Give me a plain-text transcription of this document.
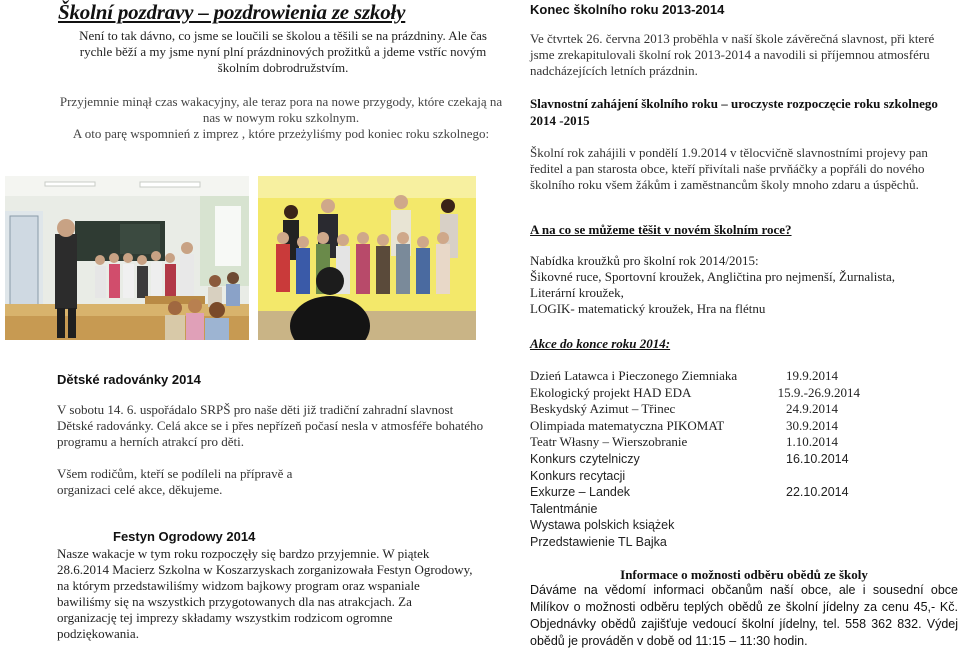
Školní pozdravy – pozdrowienia ze szkoły
Není to tak dávno, co jsme se loučili se školou a těšili se na prázdniny. Ale čas rychle běží a my jsme nyní plní prázdninových prožitků a jdeme vstříc novým školním dobrodružstvím.

Przyjemnie minął czas wakacyjny, ale teraz pora na nowe przygody, które czekają na nas w nowym roku szkolnym.

A oto parę wspomnień z imprez , które przeżyliśmy pod koniec roku szkolnego:

Dětské radovánky 2014
V sobotu 14. 6. uspořádalo SRPŠ pro naše děti již tradiční zahradní slavnost Dětské radovánky. Celá akce se i přes nepřízeň počasí nesla v atmosféře bohatého programu a herních atrakcí pro děti.
Všem rodičům, kteří se podíleli na přípravě a organizaci celé akce, děkujeme.
Festyn Ogrodowy 2014
Nasze wakacje w tym roku rozpoczęły się bardzo przyjemnie. W piątek 28.6.2014 Macierz Szkolna w Koszarzyskach zorganizowała Festyn Ogrodowy, na którym przedstawiliśmy widzom bajkowy program oraz wspaniale bawiliśmy się na wszystkich przygotowanych dla nas atrakcjach. Za organizację tej imprezy składamy wszystkim rodzicom ogromne podziękowania.
Konec školního roku 2013-2014
Ve čtvrtek 26. června 2013 proběhla v naší škole závěrečná slavnost, při které jsme zrekapitulovali školní rok 2013-2014 a navodili si příjemnou atmosféru nadcházejících letních prázdnin.
Slavnostní zahájení školního roku – uroczyste rozpoczęcie roku szkolnego 2014 -2015
Školní rok zahájili v pondělí 1.9.2014 v tělocvičně slavnostními projevy pan ředitel a pan starosta obce, kteří přivítali naše prvňáčky a popřáli do nového školního roku všem žákům i zaměstnancům školy mnoho zdaru a úspěchů.
A na co se můžeme těšit v novém školním roce?
Nabídka kroužků pro školní rok 2014/2015:
Šikovné ruce, Sportovní kroužek, Angličtina pro nejmenší, Žurnalista,
Literární kroužek,
LOGIK- matematický kroužek, Hra na flétnu
Akce do konce roku 2014:
Dzień Latawca i Pieczonego Ziemniaka	19.9.2014
Ekologický projekt HAD EDA	15.9.-26.9.2014
Beskydský Azimut – Třinec	24.9.2014
Olimpiada matematyczna PIKOMAT	30.9.2014
Teatr Własny – Wierszobranie	1.10.2014
Konkurs czytelniczy	16.10.2014
Konkurs recytacji
Exkurze – Landek	22.10.2014
Talentmánie
Wystawa polskich książek
Przedstawienie TL Bajka
Informace o možnosti odběru obědů ze školy
Dáváme na vědomí informaci občanům naší obce, ale i sousední obce Milíkov o možnosti odběru teplých obědů ze školní jídelny za cenu 45,- Kč. Objednávky obědů zajišťuje vedoucí školní jídelny, tel. 558 362 832. Výdej obědů je prováděn v době od 11:15 – 11:30 hodin.
